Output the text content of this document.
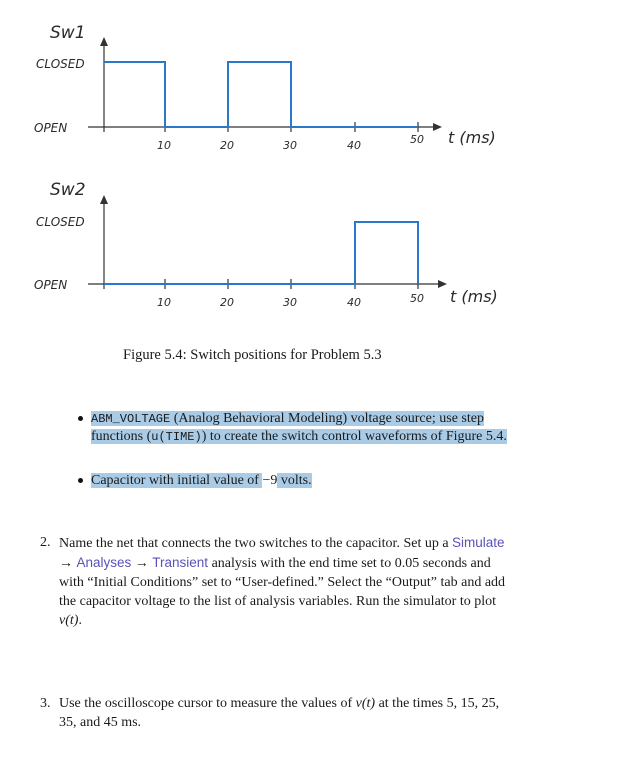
Sw1
CLOSED
OPEN
10	20	30	40	50 t (ms)
Sw2
CLOSED
OPEN
10	20	30	40	50 t (ms)
Figure 5.4: Switch positions for Problem 5.3
ABM_VOLTAGE (Analog Behavioral Modeling) voltage source; use step functions (u(TIME)) to create the switch control waveforms of Figure 5.4.
Capacitor with initial value of −9 volts.
2. Name the net that connects the two switches to the capacitor. Set up a Simulate → Analyses → Transient analysis with the end time set to 0.05 seconds and with “Initial Conditions” set to “User-defined.” Select the “Output” tab and add the capacitor voltage to the list of analysis variables. Run the simulator to plot v(t).
3. Use the oscilloscope cursor to measure the values of v(t) at the times 5, 15, 25, 35, and 45 ms.
